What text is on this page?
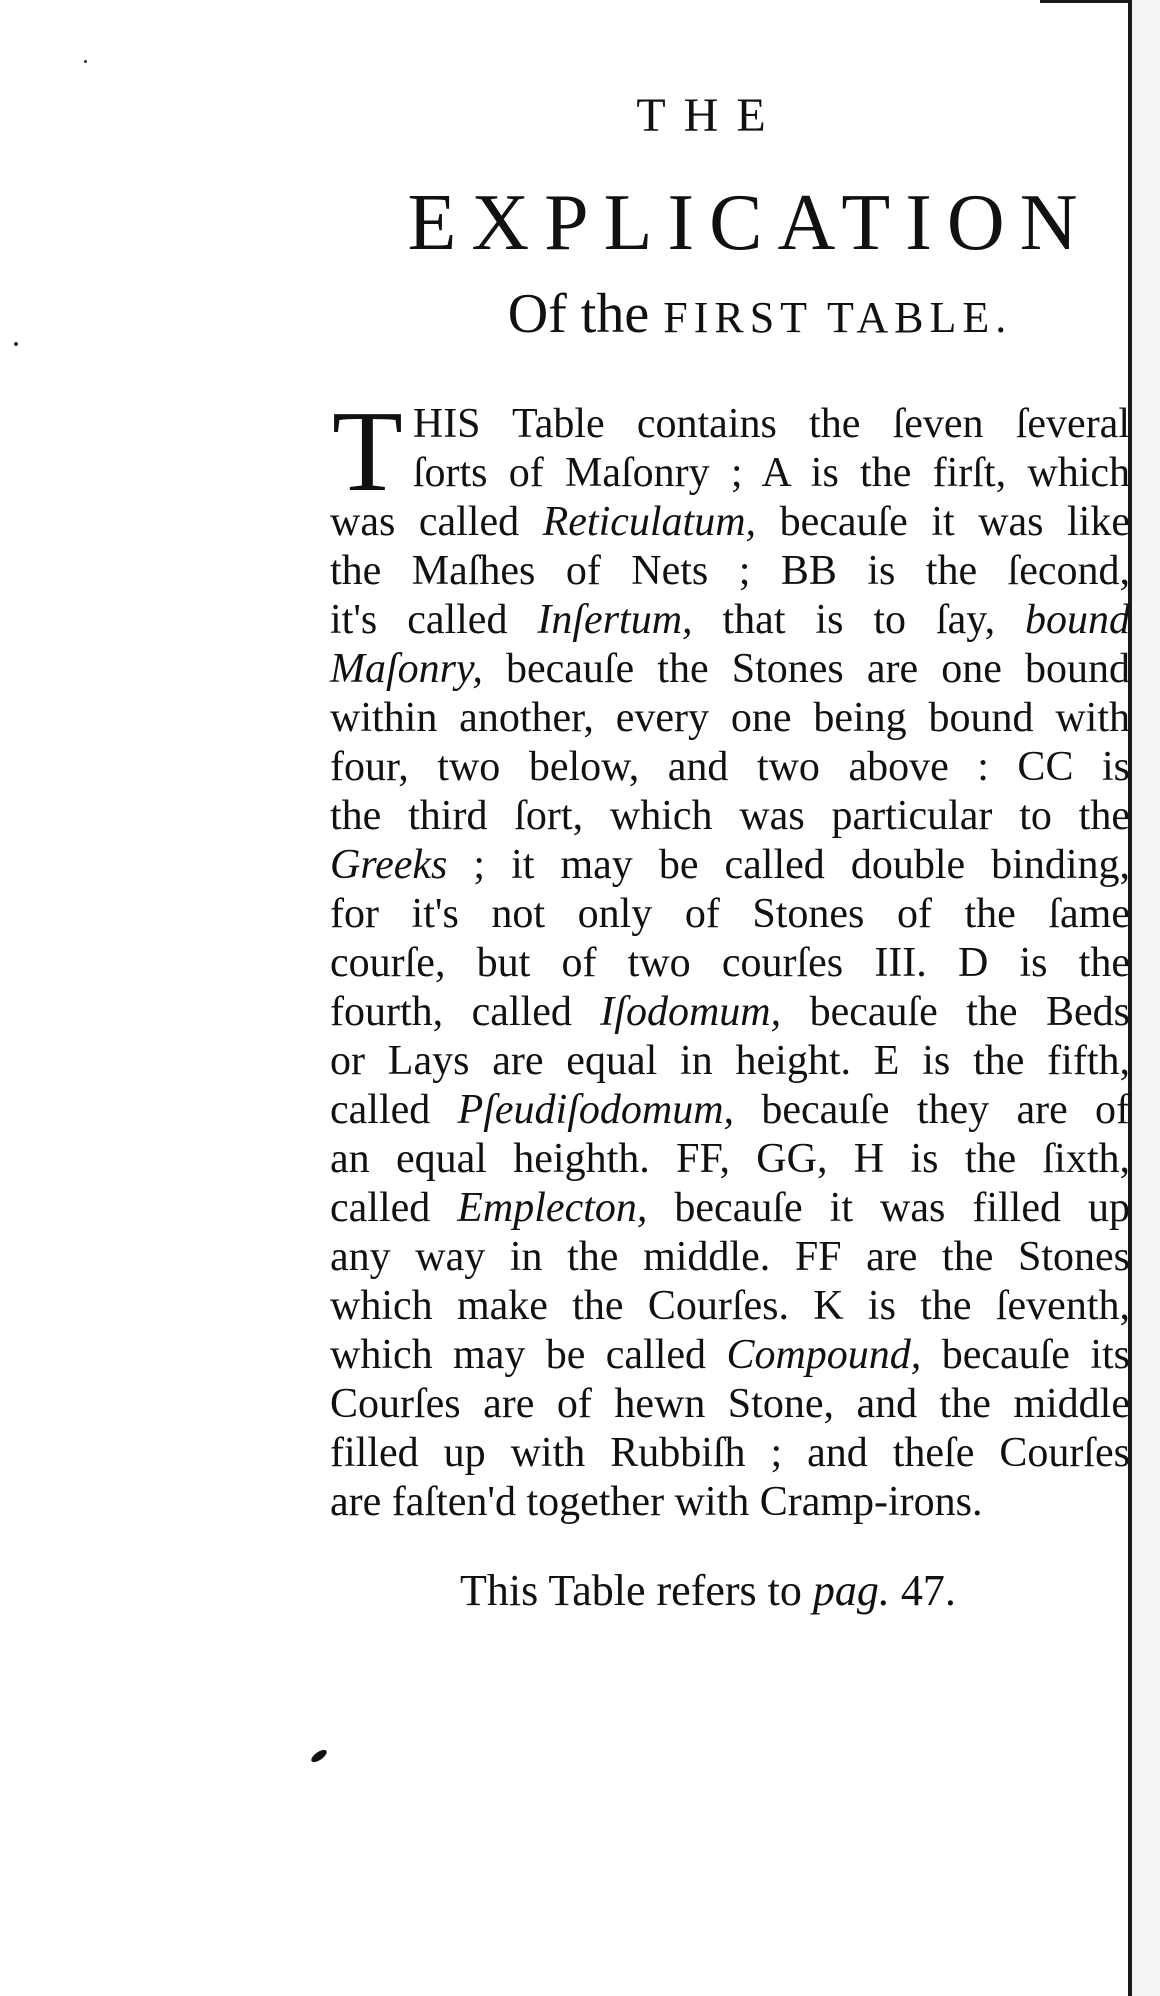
THE
EXPLICATION
Of the FIRST TABLE.
T HIS Table contains the ſeven ſeveral
ſorts of Maſonry ; A is the firſt, which
was called Reticulatum, becauſe it was like
the Maſhes of Nets ; BB is the ſecond,
it's called Inſertum, that is to ſay, bound
Maſonry, becauſe the Stones are one bound
within another, every one being bound with
four, two below, and two above : CC is
the third ſort, which was particular to the
Greeks ; it may be called double binding,
for it's not only of Stones of the ſame
courſe, but of two courſes III. D is the
fourth, called Iſodomum, becauſe the Beds
or Lays are equal in height. E is the fifth,
called Pſeudiſodomum, becauſe they are of
an equal heighth. FF, GG, H is the ſixth,
called Emplecton, becauſe it was filled up
any way in the middle. FF are the Stones
which make the Courſes. K is the ſeventh,
which may be called Compound, becauſe its
Courſes are of hewn Stone, and the middle
filled up with Rubbiſh ; and theſe Courſes
are faſten'd together with Cramp-irons.
This Table refers to pag. 47.
